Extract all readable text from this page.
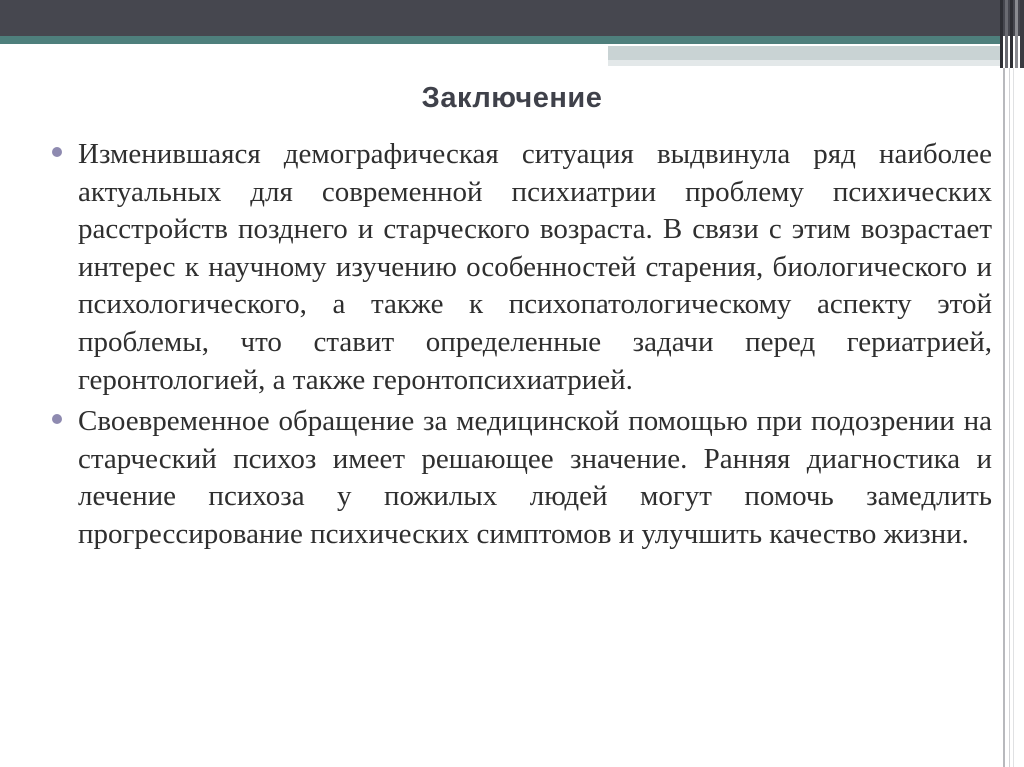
Заключение
Изменившаяся демографическая ситуация выдвинула ряд наиболее актуальных для современной психиатрии проблему психических расстройств позднего и старческого возраста. В связи с этим возрастает интерес к научному изучению особенностей старения, биологического и психологического, а также к психопатологическому аспекту этой проблемы, что ставит определенные задачи перед гериатрией, геронтологией, а также геронтопсихиатрией.
Своевременное обращение за медицинской помощью при подозрении на старческий психоз имеет решающее значение. Ранняя диагностика и лечение психоза у пожилых людей могут помочь замедлить прогрессирование психических симптомов и улучшить качество жизни.
